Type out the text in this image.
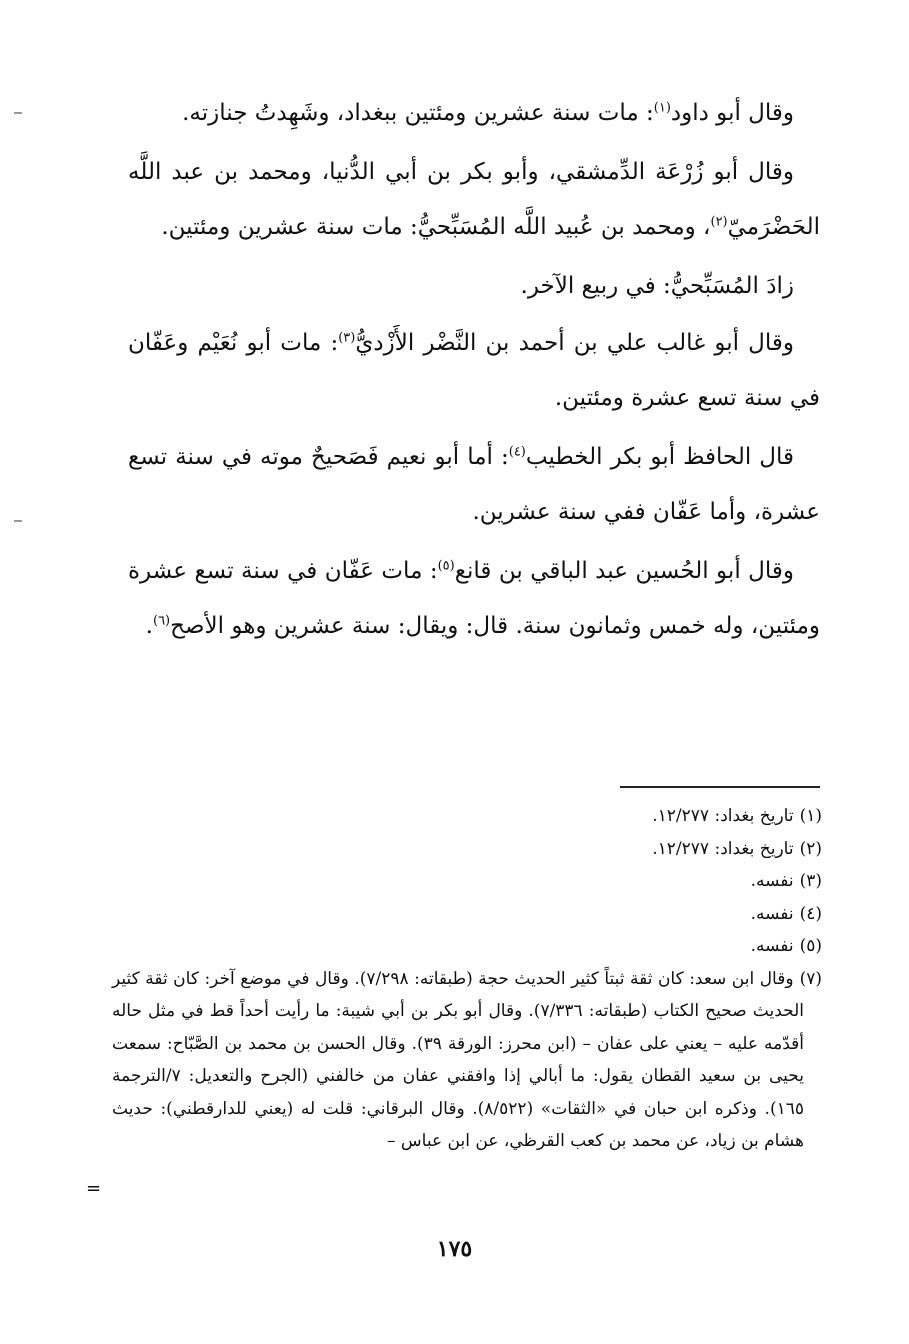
وقال أبو داود$^{(١)}$: مات سنة عشرين ومئتين ببغداد، وشَهِدتُ جنازته.

وقال أبو زُرْعَة الدِّمشقي، وأبو بكر بن أبي الدُّنيا، ومحمد بن عبد اللَّه الحَضْرَميّ$^{(٢)}$، ومحمد بن عُبيد اللَّه المُسَبِّحيُّ: مات سنة عشرين ومئتين.

زادَ المُسَبِّحيُّ: في ربيع الآخر.

وقال أبو غالب علي بن أحمد بن النَّضْر الأَزْديُّ$^{(٣)}$: مات أبو نُعَيْم وعَفّان في سنة تسع عشرة ومئتين.

قال الحافظ أبو بكر الخطيب$^{(٤)}$: أما أبو نعيم فَصَحيحٌ موته في سنة تسع عشرة، وأما عَفّان ففي سنة عشرين.

وقال أبو الحُسين عبد الباقي بن قانع$^{(٥)}$: مات عَفّان في سنة تسع عشرة ومئتين، وله خمس وثمانون سنة. قال: ويقال: سنة عشرين وهو الأصح$^{(٦)}$.

(١)تاريخ بغداد: ١٢/٢٧٧.

(٢)تاريخ بغداد: ١٢/٢٧٧.

(٣)نفسه.

(٤)نفسه.

(٥)نفسه.

(٧)وقال ابن سعد: كان ثقة ثبتاً كثير الحديث حجة (طبقاته: ٧/٢٩٨). وقال في موضع آخر: كان ثقة كثير الحديث صحيح الكتاب (طبقاته: ٧/٣٣٦). وقال أبو بكر بن أبي شيبة: ما رأيت أحداً قط في مثل حاله أقدّمه عليه – يعني على عفان – (ابن محرز: الورقة ٣٩). وقال الحسن بن محمد بن الصَّبّاح: سمعت يحيى بن سعيد القطان يقول: ما أبالي إذا وافقني عفان من خالفني (الجرح والتعديل: ٧/الترجمة ١٦٥). وذكره ابن حبان في «الثقات» (٨/٥٢٢). وقال البرقاني: قلت له (يعني للدارقطني): حديث هشام بن زياد، عن محمد بن كعب القرظي، عن ابن عباس –

=
١٧٥
